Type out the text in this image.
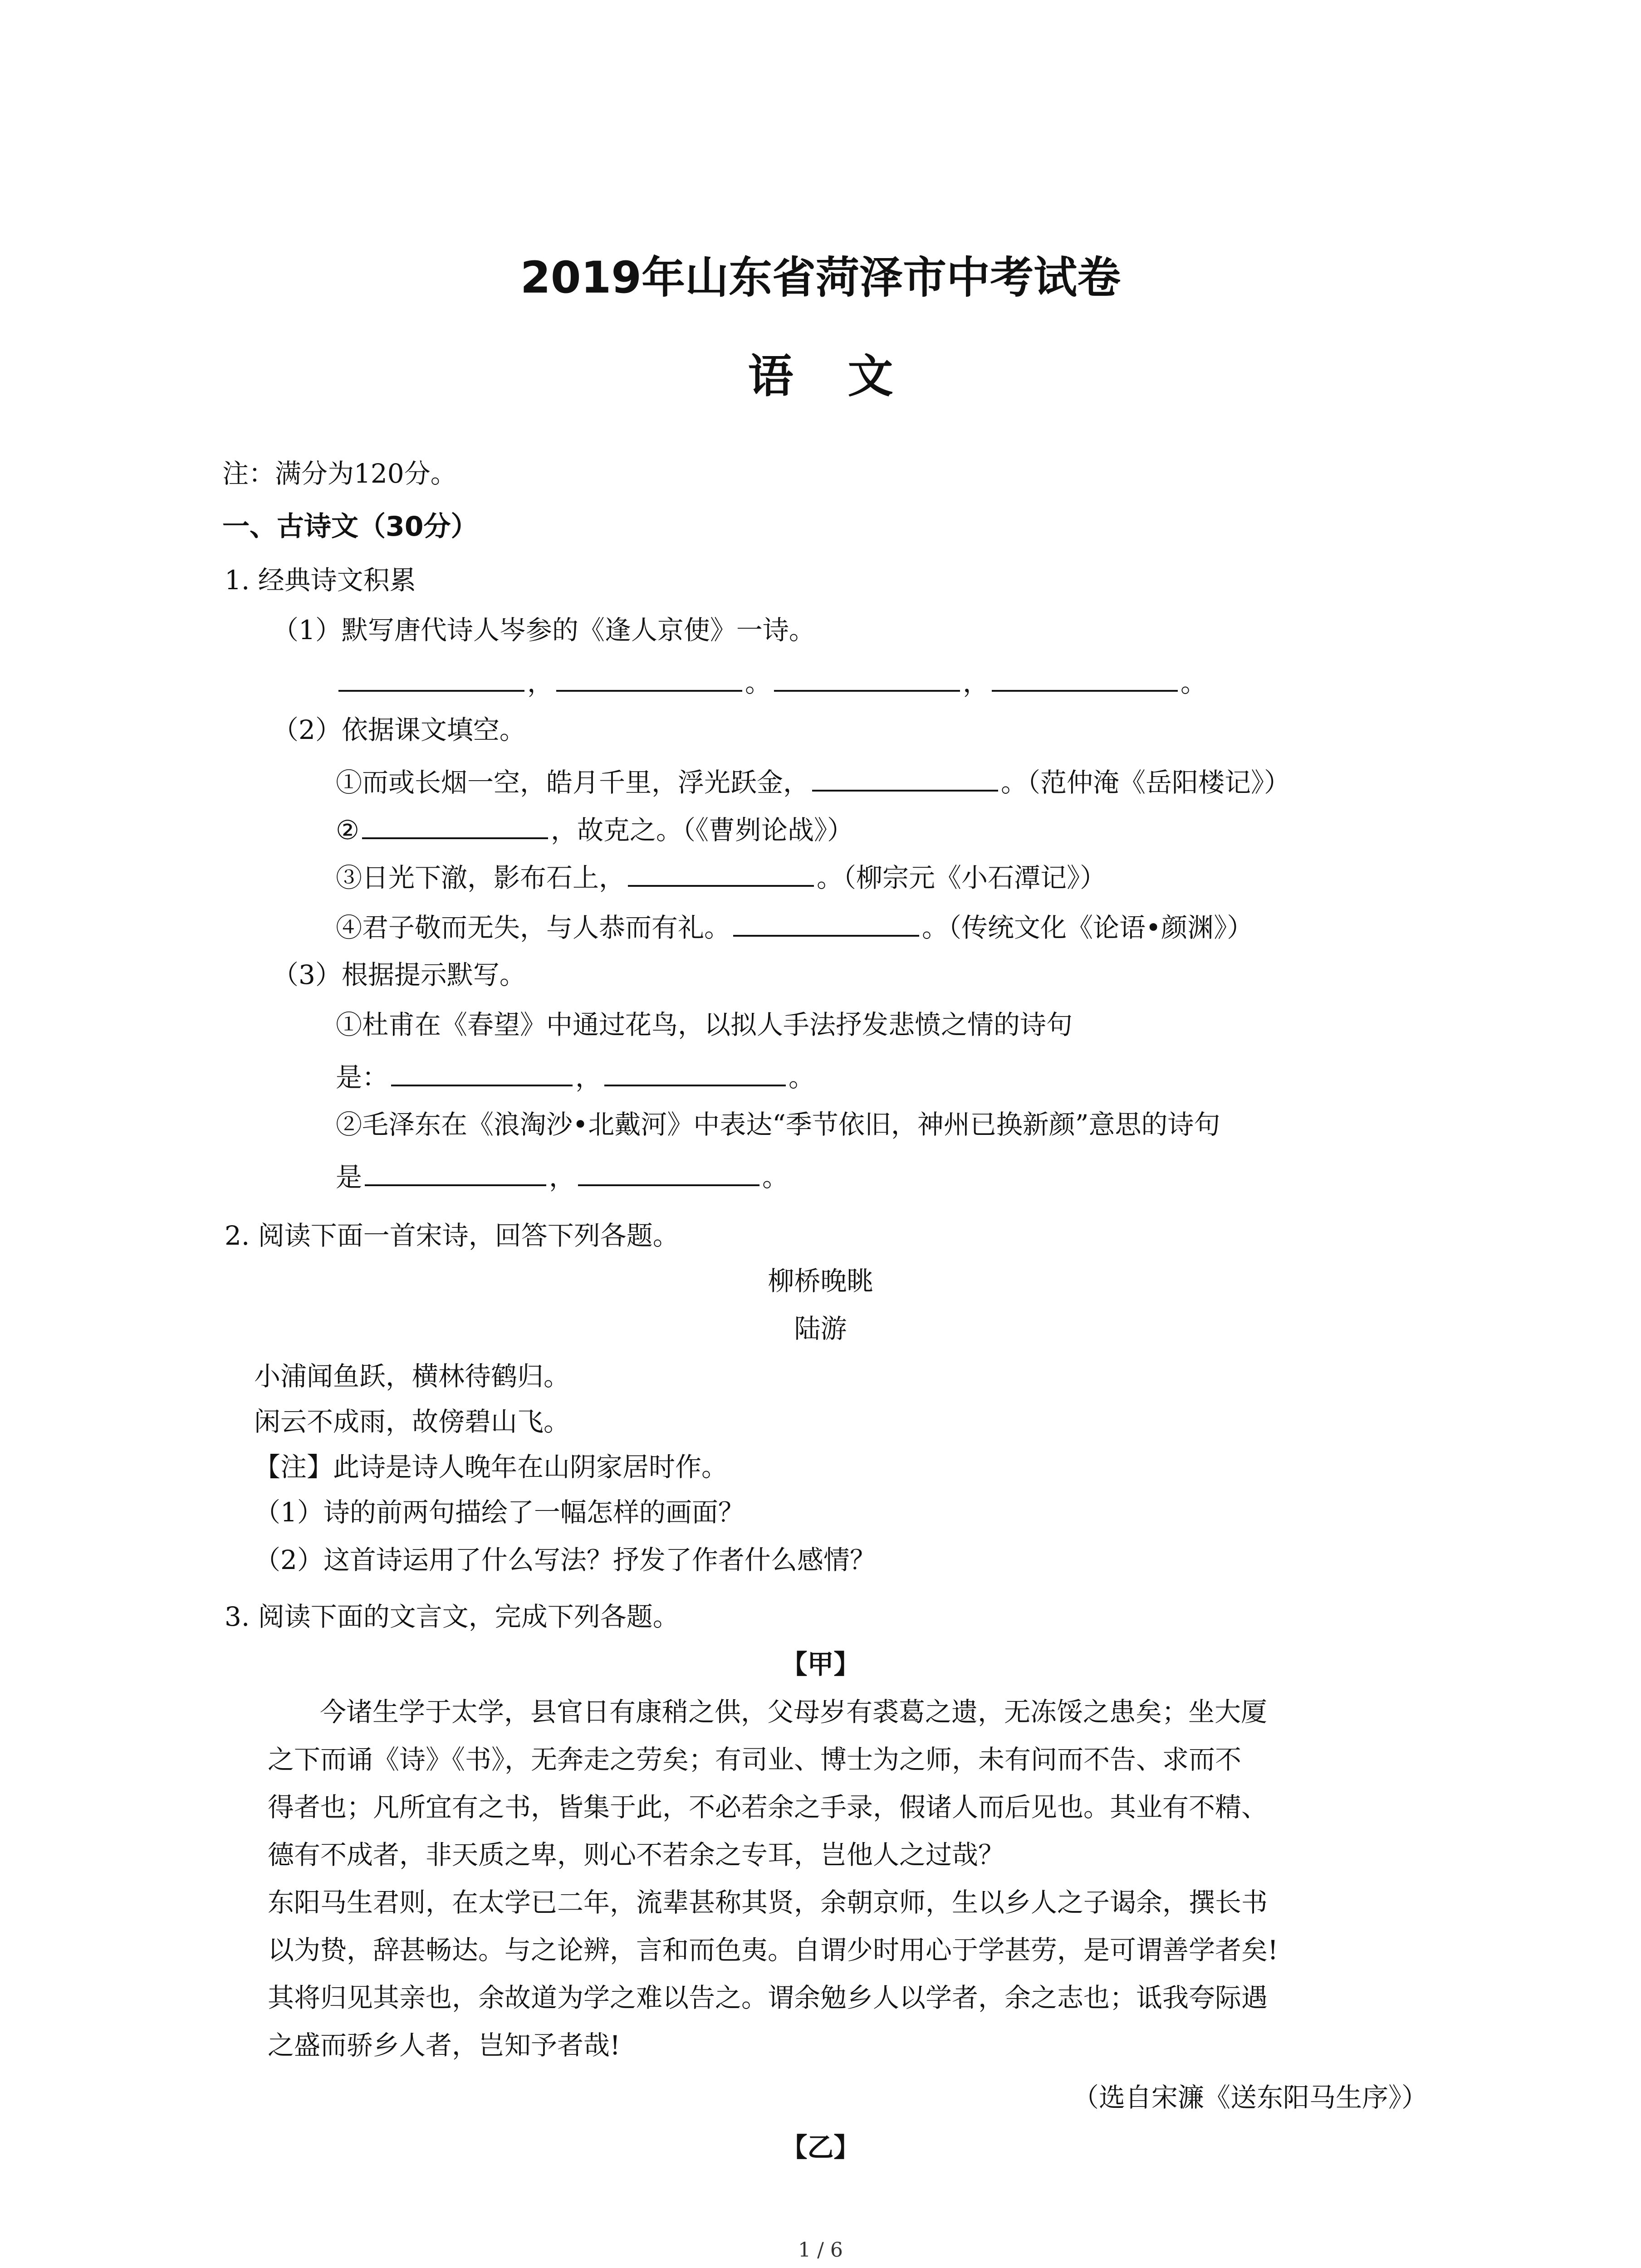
2019年山东省菏泽市中考试卷
语文
注：满分为120分。
一、古诗文（30分）
1. 经典诗文积累
（1）默写唐代诗人岑参的《逢人京使》一诗。
，	。	，	。
（2）依据课文填空。
①而或长烟一空，皓月千里，浮光跃金，	。（范仲淹《岳阳楼记》）
②	，故克之。（《曹刿论战》）
③日光下澈，影布石上，	。（柳宗元《小石潭记》）
④君子敬而无失，与人恭而有礼。	。（传统文化《论语•颜渊》）
（3）根据提示默写。
①杜甫在《春望》中通过花鸟，以拟人手法抒发悲愤之情的诗句
是：	，	。
②毛泽东在《浪淘沙•北戴河》中表达“季节依旧，神州已换新颜”意思的诗句
是	，	。
2. 阅读下面一首宋诗，回答下列各题。
柳桥晚眺
陆游
小浦闻鱼跃，横林待鹤归。
闲云不成雨，故傍碧山飞。
【注】此诗是诗人晚年在山阴家居时作。
（1）诗的前两句描绘了一幅怎样的画面？
（2）这首诗运用了什么写法？抒发了作者什么感情？
3. 阅读下面的文言文，完成下列各题。
【甲】
今诸生学于太学，县官日有康稍之供，父母岁有裘葛之遗，无冻馁之患矣；坐大厦
之下而诵《诗》《书》，无奔走之劳矣；有司业、博士为之师，未有问而不告、求而不
得者也；凡所宜有之书，皆集于此，不必若余之手录，假诸人而后见也。其业有不精、
德有不成者，非天质之卑，则心不若余之专耳，岂他人之过哉？
东阳马生君则，在太学已二年，流辈甚称其贤，余朝京师，生以乡人之子谒余，撰长书
以为贽，辞甚畅达。与之论辨，言和而色夷。自谓少时用心于学甚劳，是可谓善学者矣!
其将归见其亲也，余故道为学之难以告之。谓余勉乡人以学者，余之志也；诋我夸际遇
之盛而骄乡人者，岂知予者哉!
（选自宋濂《送东阳马生序》）
【乙】
1 / 6
